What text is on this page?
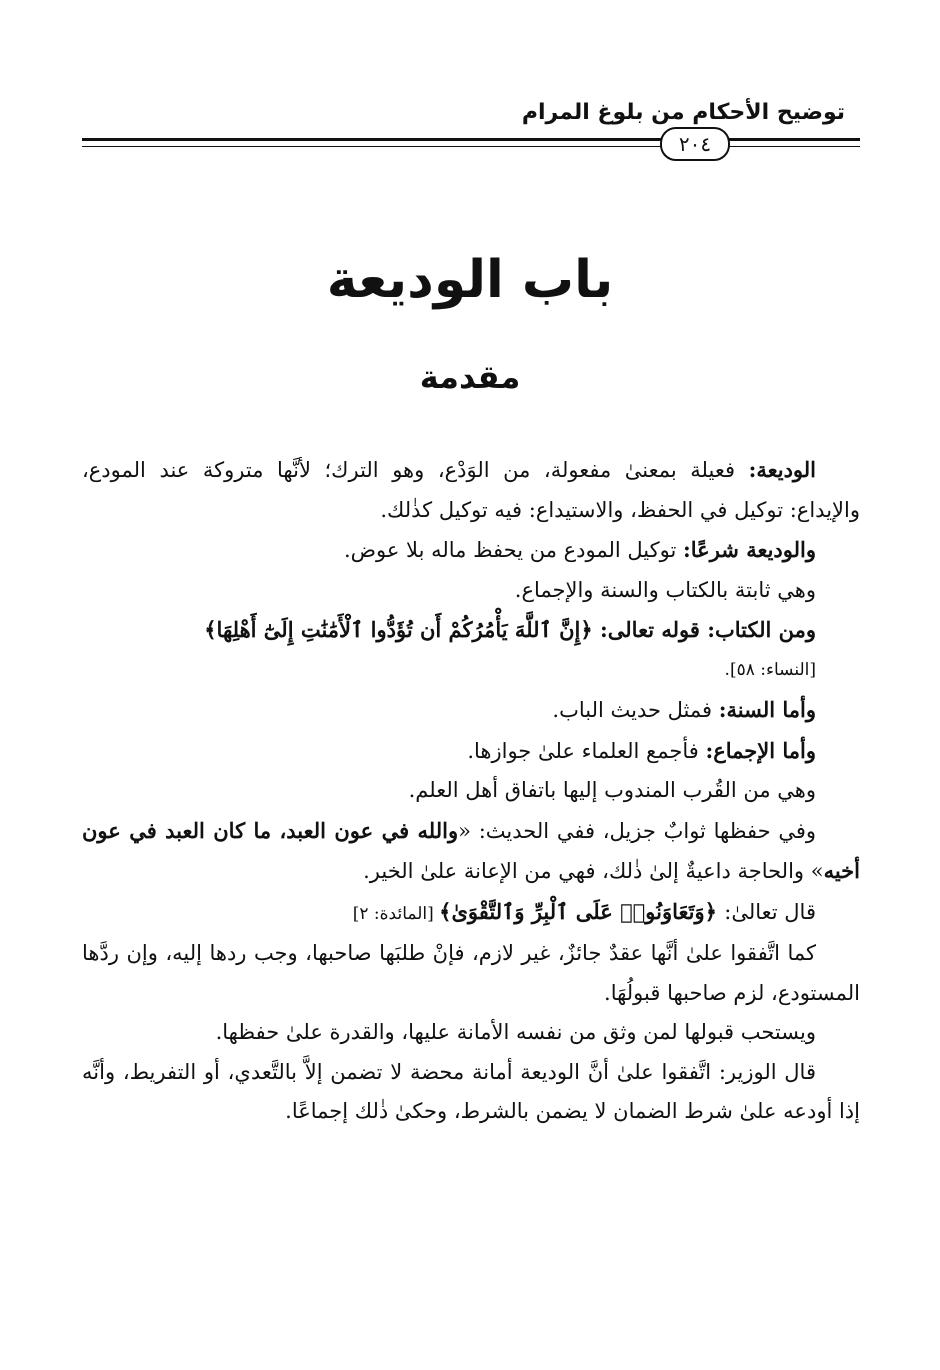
توضيح الأحكام من بلوغ المرام
٢٠٤
باب الوديعة
مقدمة

الوديعة: فعيلة بمعنىٰ مفعولة، من الوَدْع، وهو الترك؛ لأنَّها متروكة عند المودع، والإيداع: توكيل في الحفظ، والاستيداع: فيه توكيل كذٰلك.

والوديعة شرعًا: توكيل المودع من يحفظ ماله بلا عوض.

وهي ثابتة بالكتاب والسنة والإجماع.

ومن الكتاب: قوله تعالى: ﴿إِنَّ ٱللَّهَ يَأْمُرُكُمْ أَن تُؤَدُّوا ٱلْأَمَٰنَٰتِ إِلَىٰٓ أَهْلِهَا﴾
[النساء: ٥٨].

وأما السنة: فمثل حديث الباب.

وأما الإجماع: فأجمع العلماء علىٰ جوازها.

وهي من القُرب المندوب إليها باتفاق أهل العلم.

وفي حفظها ثوابٌ جزيل، ففي الحديث: «والله في عون العبد، ما كان العبد في عون أخيه» والحاجة داعيةٌ إلىٰ ذٰلك، فهي من الإعانة علىٰ الخير.

قال تعالىٰ: ﴿وَتَعَاوَنُوا۟ عَلَى ٱلْبِرِّ وَٱلتَّقْوَىٰ﴾ [المائدة: ٢]

كما اتَّفقوا علىٰ أنَّها عقدٌ جائزٌ، غير لازم، فإنْ طلبَها صاحبها، وجب ردها إليه، وإن ردَّها المستودع، لزم صاحبها قبولُهَا.

ويستحب قبولها لمن وثق من نفسه الأمانة عليها، والقدرة علىٰ حفظها.

قال الوزير: اتَّفقوا علىٰ أنَّ الوديعة أمانة محضة لا تضمن إلاَّ بالتَّعدي، أو التفريط، وأنَّه إذا أودعه علىٰ شرط الضمان لا يضمن بالشرط، وحكىٰ ذٰلك إجماعًا.
